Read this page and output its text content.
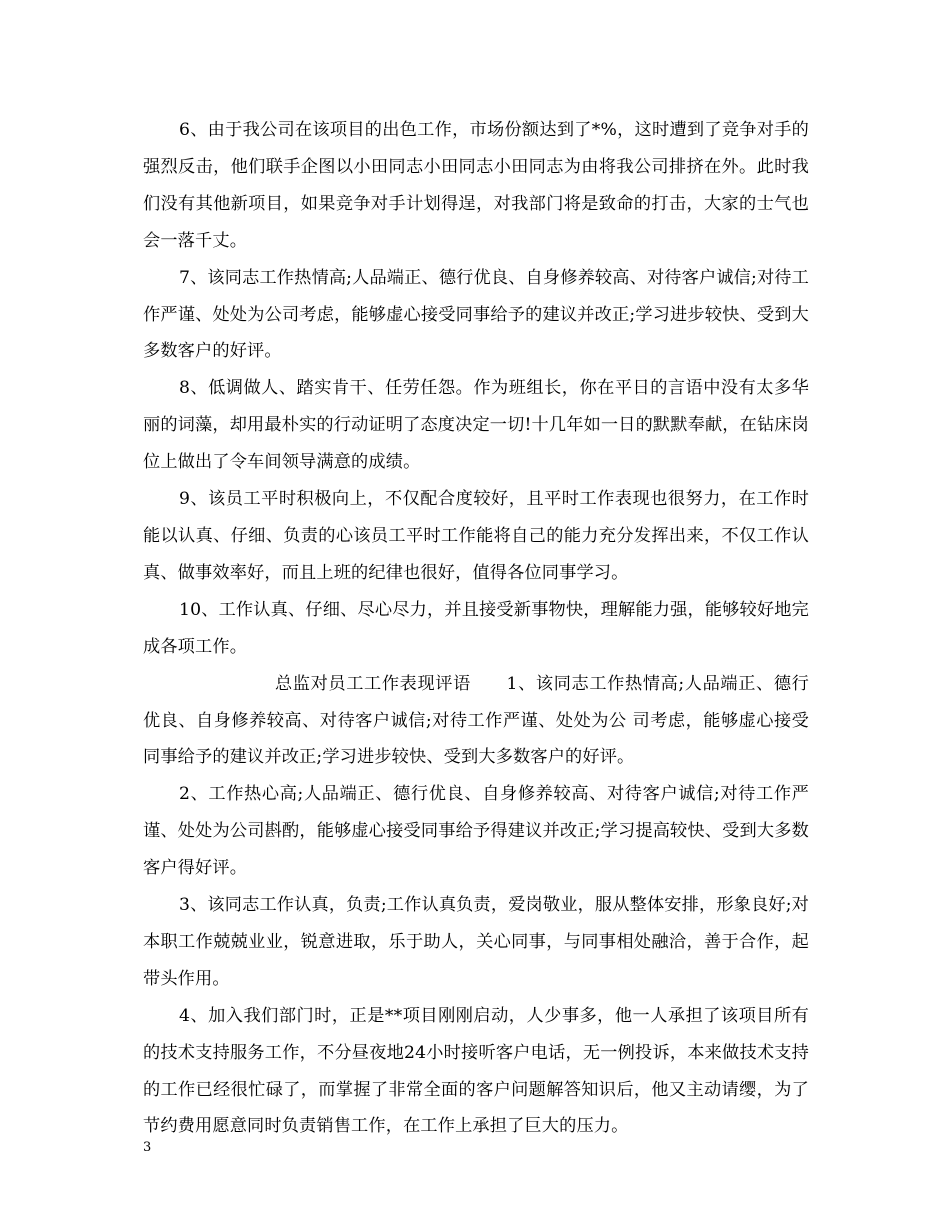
6、由于我公司在该项目的出色工作，市场份额达到了*%，这时遭到了竞争对手的强烈反击，他们联手企图以小田同志小田同志小田同志为由将我公司排挤在外。此时我们没有其他新项目，如果竞争对手计划得逞，对我部门将是致命的打击，大家的士气也会一落千丈。

7、该同志工作热情高;人品端正、德行优良、自身修养较高、对待客户诚信;对待工作严谨、处处为公司考虑，能够虚心接受同事给予的建议并改正;学习进步较快、受到大多数客户的好评。

8、低调做人、踏实肯干、任劳任怨。作为班组长，你在平日的言语中没有太多华丽的词藻，却用最朴实的行动证明了态度决定一切!十几年如一日的默默奉献，在钻床岗位上做出了令车间领导满意的成绩。

9、该员工平时积极向上，不仅配合度较好，且平时工作表现也很努力，在工作时能以认真、仔细、负责的心该员工平时工作能将自己的能力充分发挥出来，不仅工作认真、做事效率好，而且上班的纪律也很好，值得各位同事学习。

10、工作认真、仔细、尽心尽力，并且接受新事物快，理解能力强，能够较好地完成各项工作。

总监对员工工作表现评语　　1、该同志工作热情高;人品端正、德行优良、自身修养较高、对待客户诚信;对待工作严谨、处处为公 司考虑，能够虚心接受同事给予的建议并改正;学习进步较快、受到大多数客户的好评。

2、工作热心高;人品端正、德行优良、自身修养较高、对待客户诚信;对待工作严谨、处处为公司斟酌，能够虚心接受同事给予得建议并改正;学习提高较快、受到大多数客户得好评。

3、该同志工作认真，负责;工作认真负责，爱岗敬业，服从整体安排，形象良好;对本职工作兢兢业业，锐意进取，乐于助人，关心同事，与同事相处融洽，善于合作，起带头作用。

4、加入我们部门时，正是**项目刚刚启动，人少事多，他一人承担了该项目所有的技术支持服务工作，不分昼夜地24小时接听客户电话，无一例投诉，本来做技术支持的工作已经很忙碌了，而掌握了非常全面的客户问题解答知识后，他又主动请缨，为了节约费用愿意同时负责销售工作，在工作上承担了巨大的压力。

3
